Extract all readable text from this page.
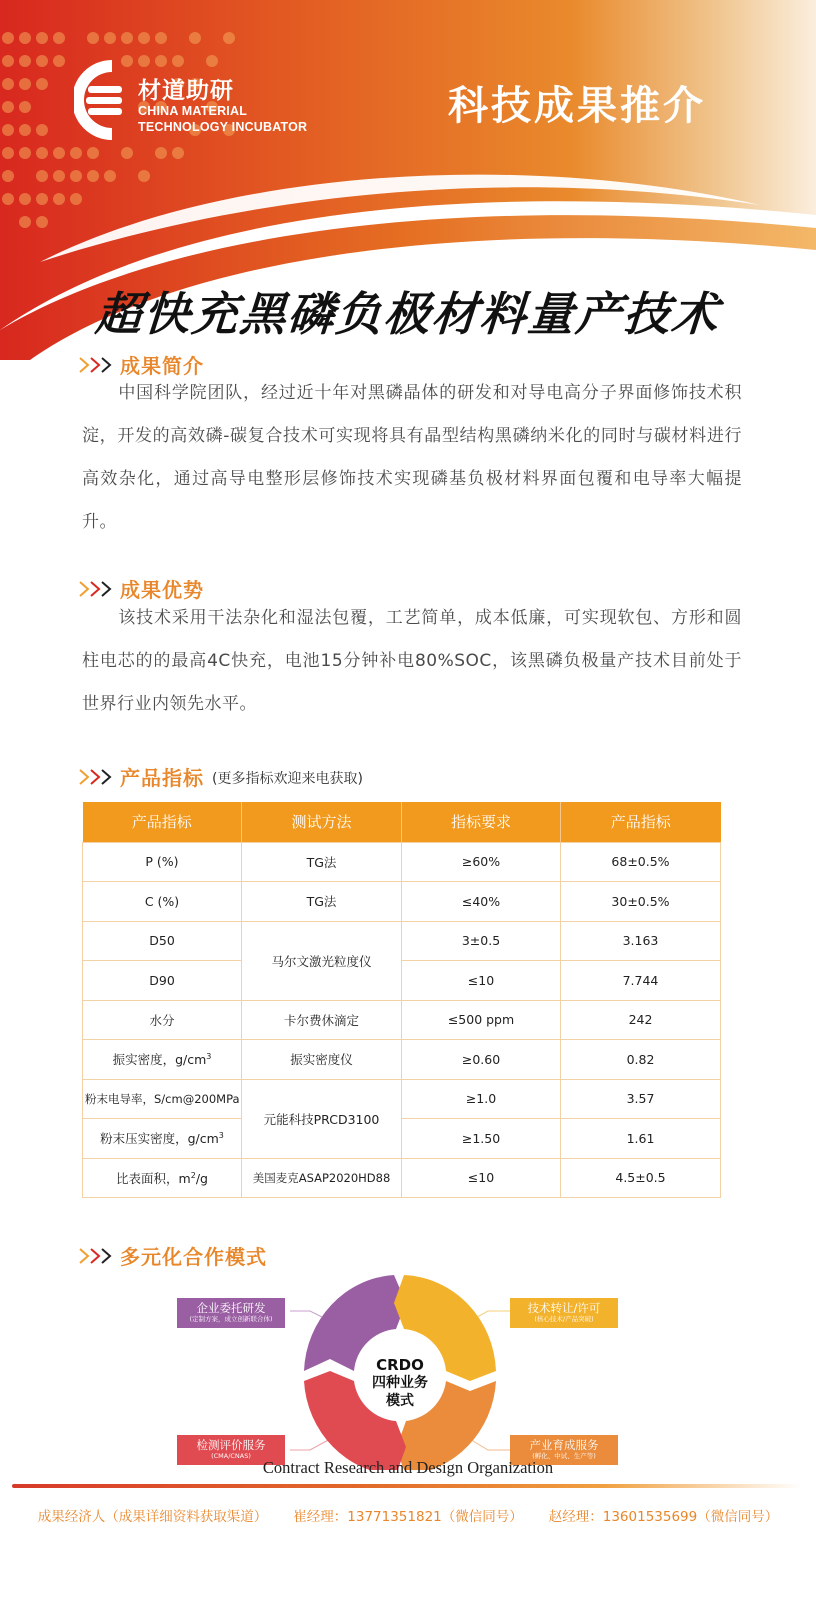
材道助研
CHINA MATERIAL
TECHNOLOGY INCUBATOR	科技成果推介
超快充黑磷负极材料量产技术
成果简介

中国科学院团队，经过近十年对黑磷晶体的研发和对导电高分子界面修饰技术积淀，开发的高效磷-碳复合技术可实现将具有晶型结构黑磷纳米化的同时与碳材料进行高效杂化，通过高导电整形层修饰技术实现磷基负极材料界面包覆和电导率大幅提升。

成果优势

该技术采用干法杂化和湿法包覆，工艺简单，成本低廉，可实现软包、方形和圆柱电芯的的最高4C快充，电池15分钟补电80%SOC，该黑磷负极量产技术目前处于世界行业内领先水平。

产品指标 (更多指标欢迎来电获取)
产品指标	测试方法	指标要求	产品指标
P (%)	TG法	≥60%	68±0.5%
C (%)	TG法	≤40%	30±0.5%
D50	马尔文激光粒度仪	3±0.5	3.163
D90		≤10	7.744
水分	卡尔费休滴定	≤500 ppm	242
振实密度，$g/cm^3$	振实密度仪	≥0.60	0.82
粉末电导率，S/cm@200MPa	元能科技PRCD3100	≥1.0	3.57
粉末压实密度，$g/cm^3$		≥1.50	1.61
比表面积，$m^2/g$	美国麦克ASAP2020HD88	≤10	4.5±0.5
多元化合作模式
企业委托研发
(定制方案，成立创新联合体)
技术转让/许可
(核心技术/产品突破)
检测评价服务
(CMA/CNAS)
产业育成服务
(孵化、中试、生产等)
CRDO
四种业务
模式
Contract Research and Design Organization
成果经济人（成果详细资料获取渠道） 崔经理：13771351821（微信同号） 赵经理：13601535699（微信同号）
